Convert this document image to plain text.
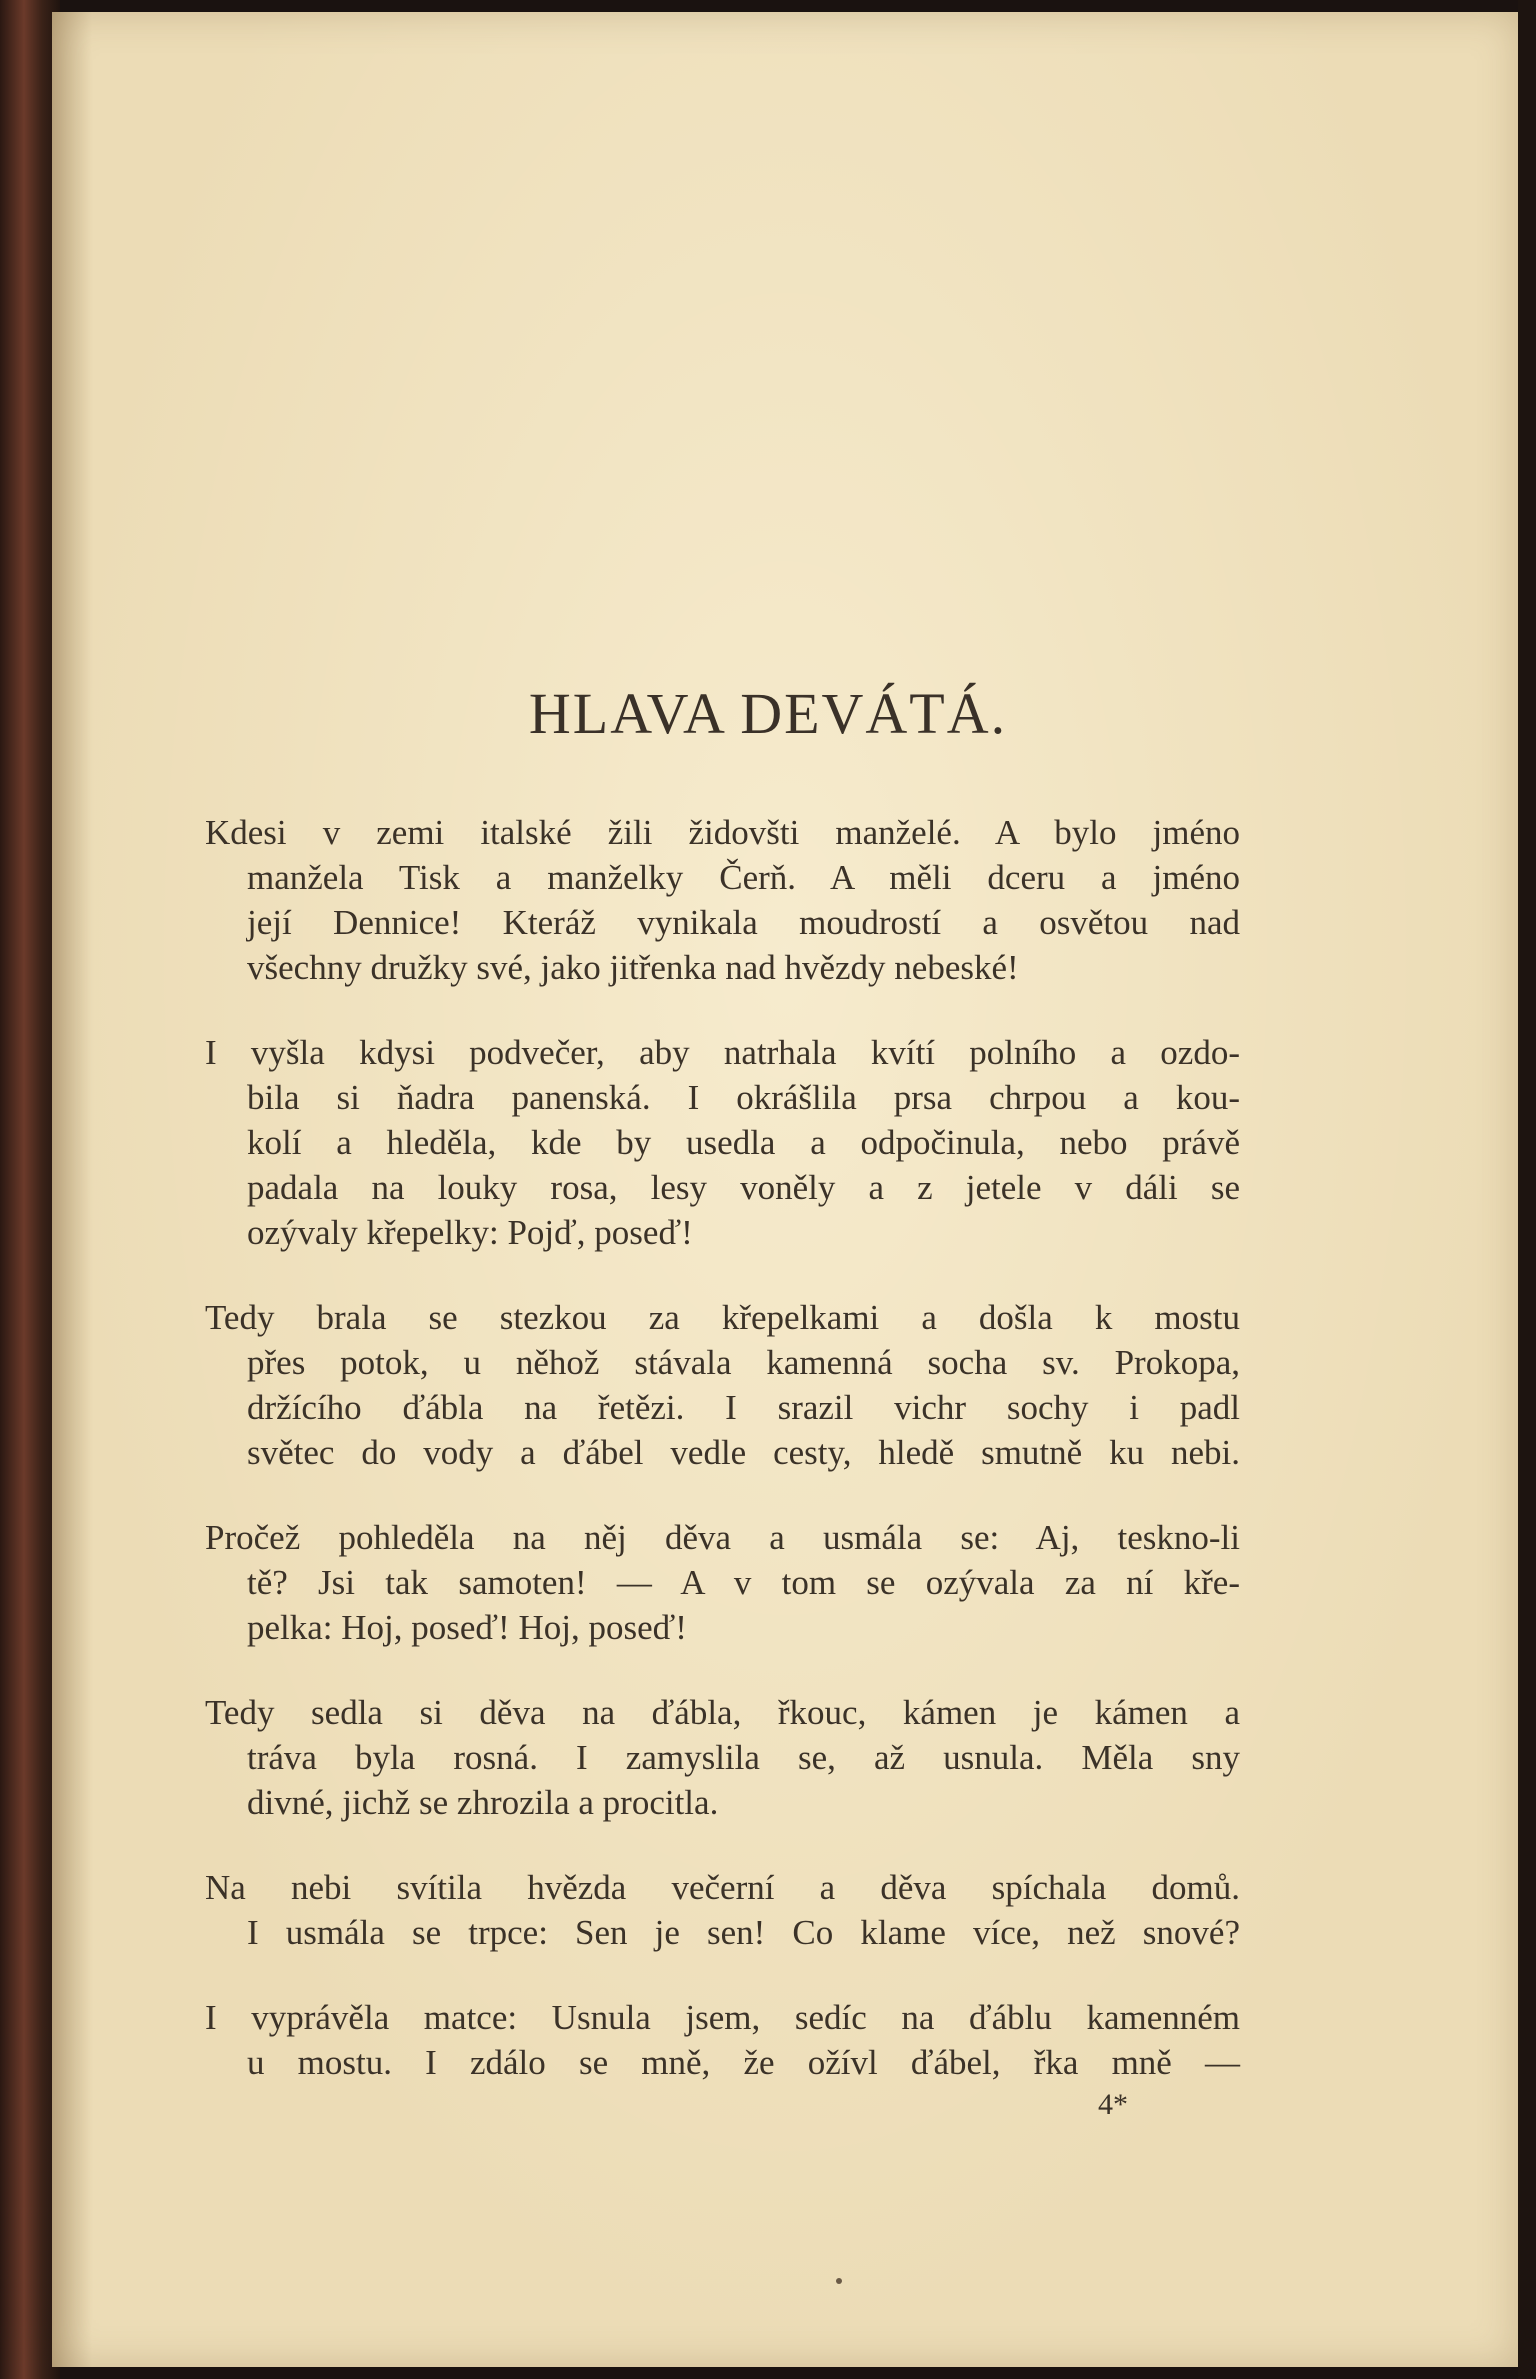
HLAVA DEVÁTÁ.

Kdesi v zemi italské žili židovšti manželé. A bylo jméno
manžela Tisk a manželky Čerň. A měli dceru a jméno
její Dennice! Kteráž vynikala moudrostí a osvětou nad
všechny družky své, jako jitřenka nad hvězdy nebeské!

I vyšla kdysi podvečer, aby natrhala kvítí polního a ozdo-
bila si ňadra panenská. I okrášlila prsa chrpou a kou-
kolí a hleděla, kde by usedla a odpočinula, nebo právě
padala na louky rosa, lesy voněly a z jetele v dáli se
ozývaly křepelky: Pojď, poseď!

Tedy brala se stezkou za křepelkami a došla k mostu
přes potok, u něhož stávala kamenná socha sv. Prokopa,
držícího ďábla na řetězi. I srazil vichr sochy i padl
světec do vody a ďábel vedle cesty, hledě smutně ku nebi.

Pročež pohleděla na něj děva a usmála se: Aj, teskno-li
tě? Jsi tak samoten! — A v tom se ozývala za ní kře-
pelka: Hoj, poseď! Hoj, poseď!

Tedy sedla si děva na ďábla, řkouc, kámen je kámen a
tráva byla rosná. I zamyslila se, až usnula. Měla sny
divné, jichž se zhrozila a procitla.

Na nebi svítila hvězda večerní a děva spíchala domů.
I usmála se trpce: Sen je sen! Co klame více, než snové?

I vyprávěla matce: Usnula jsem, sedíc na ďáblu kamenném
u mostu. I zdálo se mně, že ožívl ďábel, řka mně —

4*
